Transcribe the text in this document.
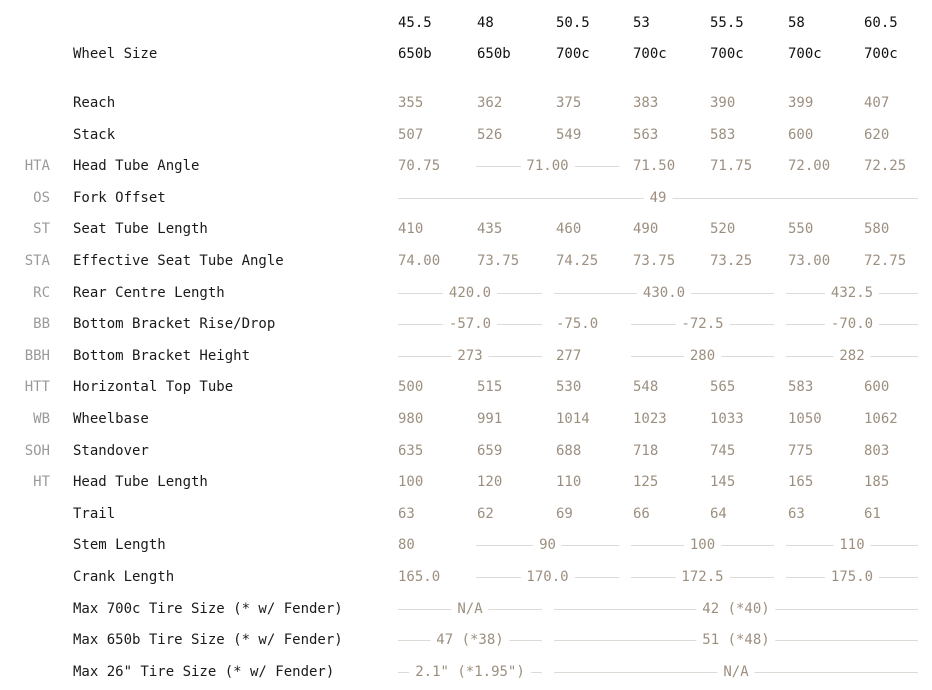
45.5	48	50.5	53	55.5	58	60.5
Wheel Size	650b	650b	700c	700c	700c	700c	700c
Reach	355	362	375	383	390	399	407
Stack	507	526	549	563	583	600	620
HTA Head Tube Angle	70.75	71.00	71.50 71.75	72.00 72.25
OS Fork Offset	49
ST Seat Tube Length	410	435	460	490	520	550	580
STA Effective Seat Tube Angle	74.00	73.75	74.25 73.75 73.25	73.00 72.75
RC Rear Centre Length	420.0	430.0	432.5
BB Bottom Bracket Rise/Drop	-57.0	-75.0	-72.5	-70.0
BBH Bottom Bracket Height	273	277	280	282
HTT Horizontal Top Tube	500	515	530	548	565	583	600
WB Wheelbase	980	991	1014	1023	1033	1050	1062
SOH Standover	635	659	688	718	745	775	803
HT Head Tube Length	100	120	110	125	145	165	185
Trail	63	62	69	66	64	63	61
Stem Length	80	90	100	110
Crank Length	165.0	170.0	172.5	175.0
Max 700c Tire Size (* w/ Fender)	N/A	42 (*40)
Max 650b Tire Size (* w/ Fender)	47 (*38)	51 (*48)
Max 26" Tire Size (* w/ Fender)	2.1" (*1.95")	N/A
